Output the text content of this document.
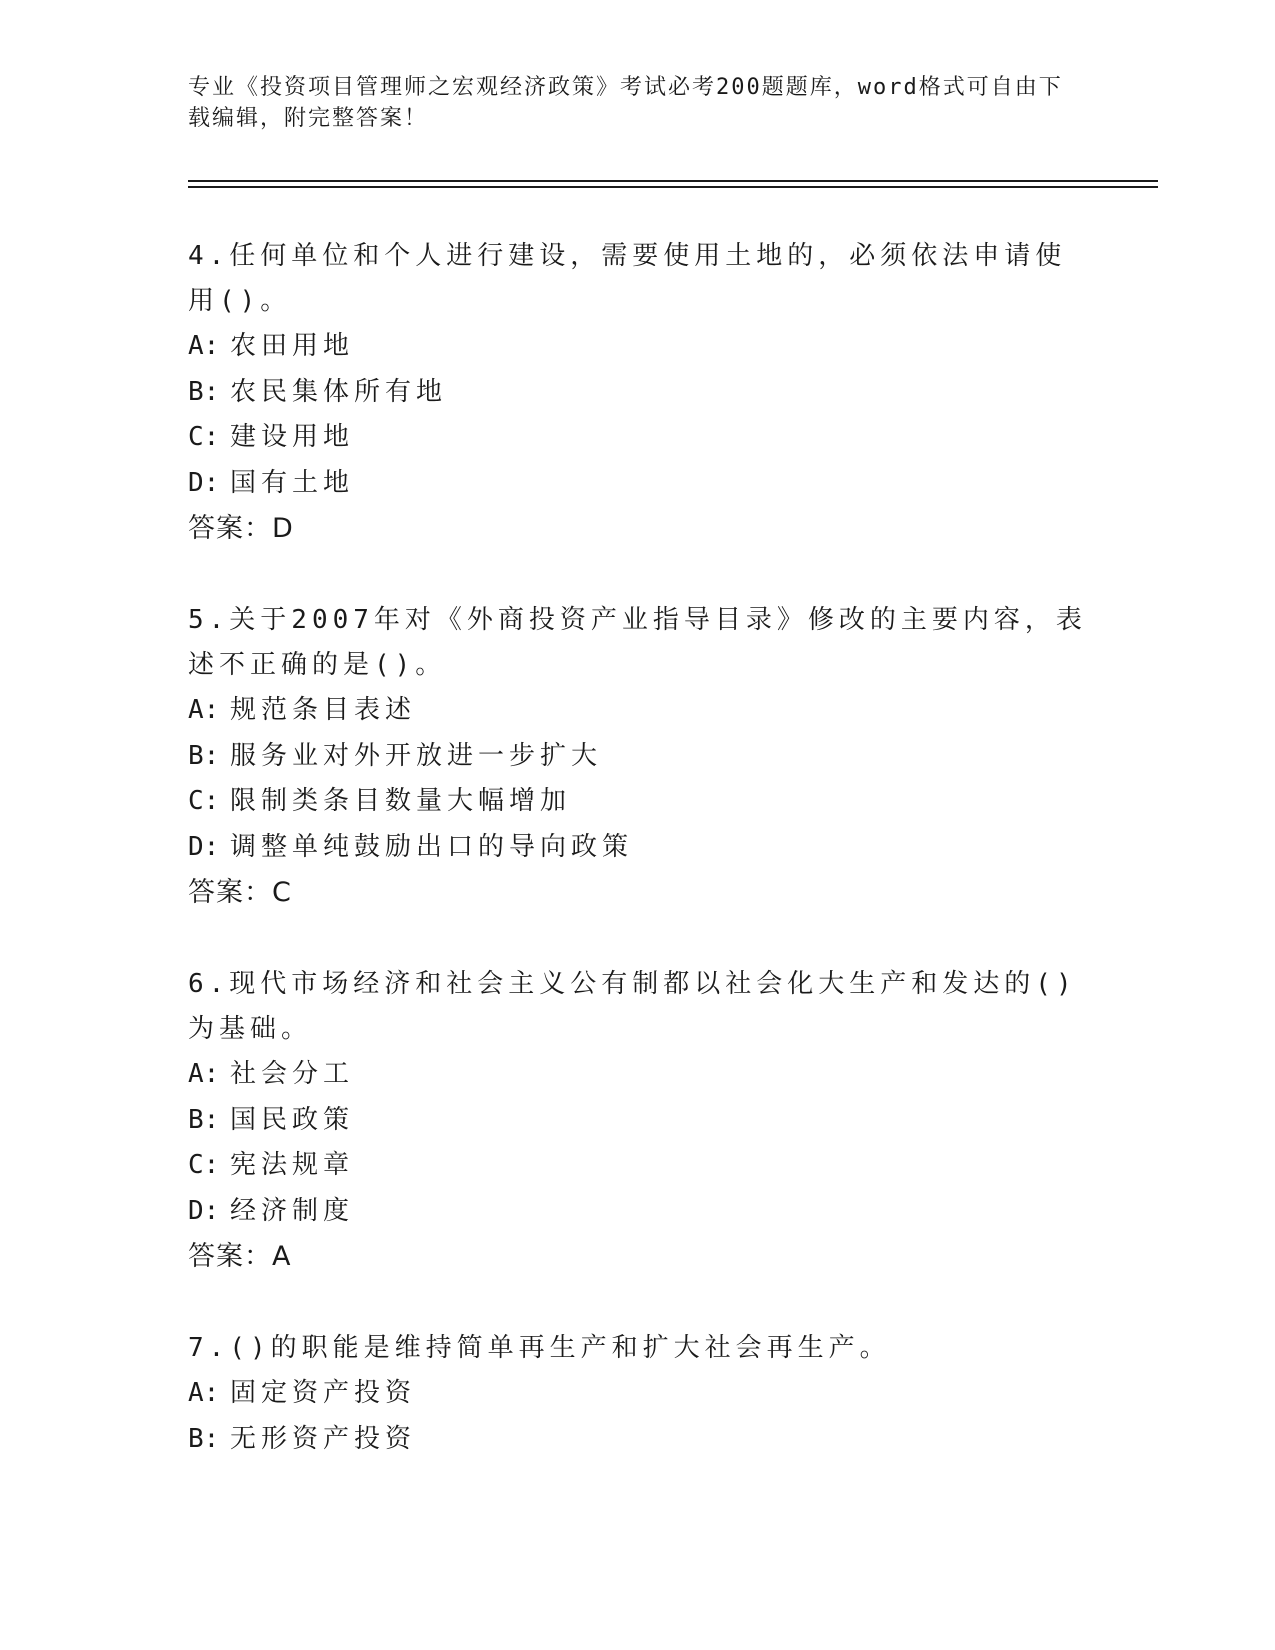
专业《投资项目管理师之宏观经济政策》考试必考200题题库，word格式可自由下载编辑，附完整答案！

4.任何单位和个人进行建设，需要使用土地的，必须依法申请使用()。

A: 农田用地

B: 农民集体所有地

C: 建设用地

D: 国有土地

答案：D

5.关于2007年对《外商投资产业指导目录》修改的主要内容，表述不正确的是()。

A: 规范条目表述

B: 服务业对外开放进一步扩大

C: 限制类条目数量大幅增加

D: 调整单纯鼓励出口的导向政策

答案：C

6.现代市场经济和社会主义公有制都以社会化大生产和发达的()为基础。

A: 社会分工

B: 国民政策

C: 宪法规章

D: 经济制度

答案：A

7.()的职能是维持简单再生产和扩大社会再生产。

A: 固定资产投资

B: 无形资产投资
